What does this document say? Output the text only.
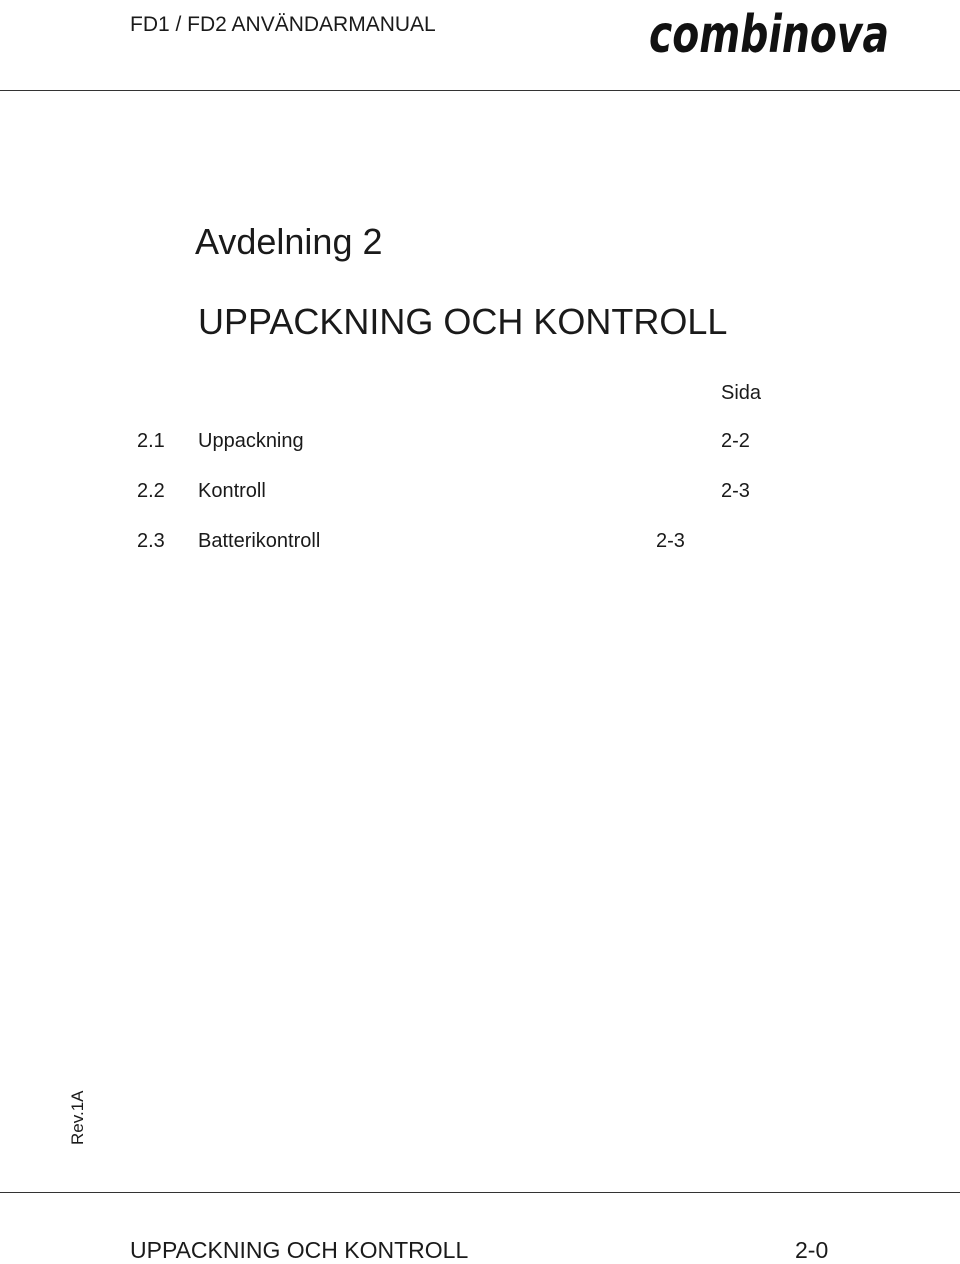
FD1 / FD2 ANVÄNDARMANUAL	combinova
Avdelning 2
UPPACKNING OCH KONTROLL
Sida
2.1 Uppackning	2-2
2.2 Kontroll	2-3
2.3 Batterikontroll	2-3
Rev.1A
UPPACKNING OCH KONTROLL	2-0
